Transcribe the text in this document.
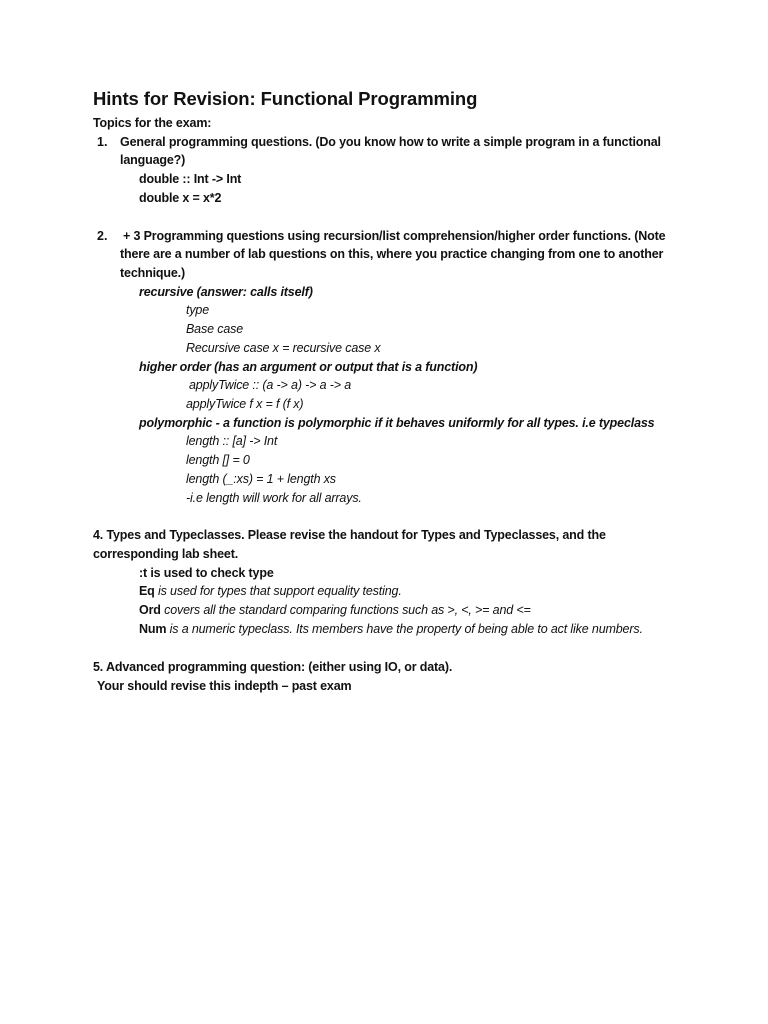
Hints for Revision: Functional Programming
Topics for the exam:
1. General programming questions. (Do you know how to write a simple program in a functional
language?)
double :: Int -> Int
double x = x*2
2. + 3 Programming questions using recursion/list comprehension/higher order functions. (Note
there are a number of lab questions on this, where you practice changing from one to another
technique.)
recursive (answer: calls itself)
type
Base case
Recursive case x = recursive case x
higher order (has an argument or output that is a function)
applyTwice :: (a -> a) -> a -> a
applyTwice f x = f (f x)
polymorphic - a function is polymorphic if it behaves uniformly for all types. i.e typeclass
length :: [a] -> Int
length [] = 0
length (_:xs) = 1 + length xs
-i.e length will work for all arrays.
4. Types and Typeclasses. Please revise the handout for Types and Typeclasses, and the
corresponding lab sheet.
:t is used to check type
Eq is used for types that support equality testing.
Ord covers all the standard comparing functions such as >, <, >= and <=
Num is a numeric typeclass. Its members have the property of being able to act like numbers.
5. Advanced programming question: (either using IO, or data).
Your should revise this indepth – past exam
